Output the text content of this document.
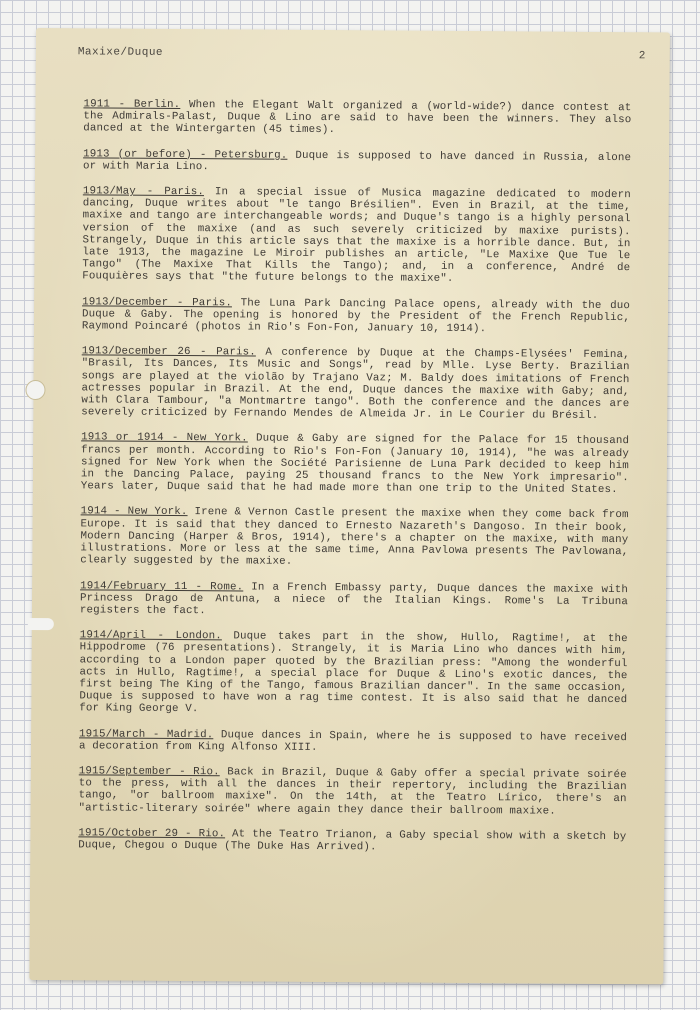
Maxixe/Duque	2

1911 - Berlin. When the Elegant Walt organized a (world-wide?) dance contest at the Admirals-Palast, Duque & Lino are said to have been the winners. They also danced at the Wintergarten (45 times).

1913 (or before) - Petersburg. Duque is supposed to have danced in Russia, alone or with Maria Lino.

1913/May - Paris. In a special issue of Musica magazine dedicated to modern dancing, Duque writes about "le tango Brésilien". Even in Brazil, at the time, maxixe and tango are interchangeable words; and Duque's tango is a highly personal version of the maxixe (and as such severely criticized by maxixe purists). Strangely, Duque in this article says that the maxixe is a horrible dance. But, in late 1913, the magazine Le Miroir publishes an article, "Le Maxixe Que Tue le Tango" (The Maxixe That Kills the Tango); and, in a conference, André de Fouquières says that "the future belongs to the maxixe".

1913/December - Paris. The Luna Park Dancing Palace opens, already with the duo Duque & Gaby. The opening is honored by the President of the French Republic, Raymond Poincaré (photos in Rio's Fon-Fon, January 10, 1914).

1913/December 26 - Paris. A conference by Duque at the Champs-Elysées' Femina, "Brasil, Its Dances, Its Music and Songs", read by Mlle. Lyse Berty. Brazilian songs are played at the violão by Trajano Vaz; M. Baldy does imitations of French actresses popular in Brazil. At the end, Duque dances the maxixe with Gaby; and, with Clara Tambour, "a Montmartre tango". Both the conference and the dances are severely criticized by Fernando Mendes de Almeida Jr. in Le Courier du Brésil.

1913 or 1914 - New York. Duque & Gaby are signed for the Palace for 15 thousand francs per month. According to Rio's Fon-Fon (January 10, 1914), "he was already signed for New York when the Société Parisienne de Luna Park decided to keep him in the Dancing Palace, paying 25 thousand francs to the New York impresario". Years later, Duque said that he had made more than one trip to the United States.

1914 - New York. Irene & Vernon Castle present the maxixe when they come back from Europe. It is said that they danced to Ernesto Nazareth's Dangoso. In their book, Modern Dancing (Harper & Bros, 1914), there's a chapter on the maxixe, with many illustrations. More or less at the same time, Anna Pavlowa presents The Pavlowana, clearly suggested by the maxixe.

1914/February 11 - Rome. In a French Embassy party, Duque dances the maxixe with Princess Drago de Antuna, a niece of the Italian Kings. Rome's La Tribuna registers the fact.

1914/April - London. Duque takes part in the show, Hullo, Ragtime!, at the Hippodrome (76 presentations). Strangely, it is Maria Lino who dances with him, according to a London paper quoted by the Brazilian press: "Among the wonderful acts in Hullo, Ragtime!, a special place for Duque & Lino's exotic dances, the first being The King of the Tango, famous Brazilian dancer". In the same occasion, Duque is supposed to have won a rag time contest. It is also said that he danced for King George V.

1915/March - Madrid. Duque dances in Spain, where he is supposed to have received a decoration from King Alfonso XIII.

1915/September - Rio. Back in Brazil, Duque & Gaby offer a special private soirée to the press, with all the dances in their repertory, including the Brazilian tango, "or ballroom maxixe". On the 14th, at the Teatro Lírico, there's an "artistic-literary soirée" where again they dance their ballroom maxixe.

1915/October 29 - Rio. At the Teatro Trianon, a Gaby special show with a sketch by Duque, Chegou o Duque (The Duke Has Arrived).
